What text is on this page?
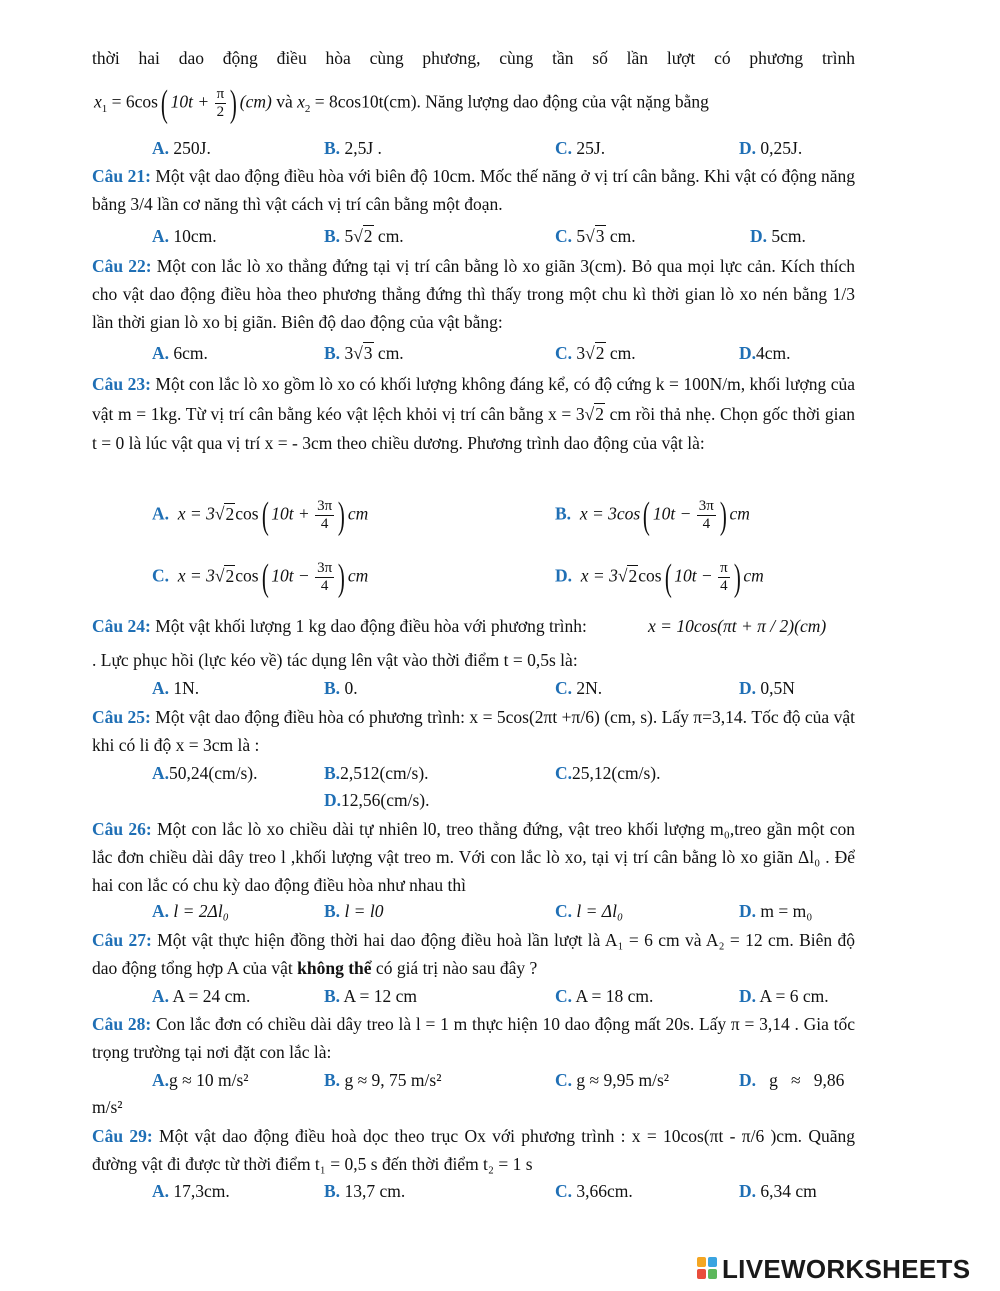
thời hai dao động điều hòa cùng phương, cùng tần số lần lượt có phương trình

$x_1 = 6\cos$( $10t + \frac{\pi}{2}$ ) (cm) và $x_2 = 8\cos 10t(cm)$. Năng lượng dao động của vật nặng bằng
A. 250J.	B. 2,5J .	C. 25J.	D. 0,25J.

Câu 21: Một vật dao động điều hòa với biên độ 10cm. Mốc thế năng ở vị trí cân bằng. Khi vật có động năng bằng 3/4 lần cơ năng thì vật cách vị trí cân bằng một đoạn.

A. 10cm.	B. 5√2 cm.	C. 5√3 cm.	D. 5cm.

Câu 22: Một con lắc lò xo thẳng đứng tại vị trí cân bằng lò xo giãn 3(cm). Bỏ qua mọi lực cản. Kích thích cho vật dao động điều hòa theo phương thẳng đứng thì thấy trong một chu kì thời gian lò xo nén bằng 1/3 lần thời gian lò xo bị giãn. Biên độ dao động của vật bằng:

A. 6cm.	B. 3√3 cm.	C. 3√2 cm.	D.4cm.

Câu 23: Một con lắc lò xo gồm lò xo có khối lượng không đáng kể, có độ cứng k = 100N/m, khối lượng của vật m = 1kg. Từ vị trí cân bằng kéo vật lệch khỏi vị trí cân bằng x = 3√2 cm rồi thả nhẹ. Chọn gốc thời gian t = 0 là lúc vật qua vị trí x = - 3cm theo chiều dương. Phương trình dao động của vật là:

A. x = 3√2cos( $10t + \frac{3\pi}{4}$ ) cm	B. x = 3cos( $10t - \frac{3\pi}{4}$ ) cm
C. x = 3√2cos( $10t - \frac{3\pi}{4}$ ) cm	D. x = 3√2cos( $10t - \frac{\pi}{4}$ ) cm
Câu 24: Một vật khối lượng 1 kg dao động điều hòa với phương trình:	x = 10cos(πt + π / 2)(cm)

. Lực phục hồi (lực kéo về) tác dụng lên vật vào thời điểm t = 0,5s là:

A. 1N.	B. 0.	C. 2N.	D. 0,5N

Câu 25: Một vật dao động điều hòa có phương trình: x = 5cos(2πt +π/6) (cm, s). Lấy π=3,14. Tốc độ của vật khi có li độ x = 3cm là :

A.50,24(cm/s).	B.2,512(cm/s).	C.25,12(cm/s).
D.12,56(cm/s).

Câu 26: Một con lắc lò xo chiều dài tự nhiên l0, treo thẳng đứng, vật treo khối lượng m₀,treo gần một con lắc đơn chiều dài dây treo l ,khối lượng vật treo m. Với con lắc lò xo, tại vị trí cân bằng lò xo giãn Δl₀ . Để hai con lắc có chu kỳ dao động điều hòa như nhau thì

A. l = 2Δl₀	B. l = l0	C. l = Δl₀	D. m = m₀

Câu 27: Một vật thực hiện đồng thời hai dao động điều hoà lần lượt là A₁ = 6 cm và A₂ = 12 cm. Biên độ dao động tổng hợp A của vật không thể có giá trị nào sau đây ?

A. A = 24 cm.	B. A = 12 cm	C. A = 18 cm.	D. A = 6 cm.

Câu 28: Con lắc đơn có chiều dài dây treo là l = 1 m thực hiện 10 dao động mất 20s. Lấy π = 3,14 . Gia tốc trọng trường tại nơi đặt con lắc là:

A.g ≈ 10 m/s²	B. g ≈ 9, 75 m/s²	C. g ≈ 9,95 m/s²	D. g   ≈   9,86
m/s²

Câu 29: Một vật dao động điều hoà dọc theo trục Ox với phương trình : x = 10cos(πt - π/6 )cm. Quãng đường vật đi được từ thời điểm t₁ = 0,5 s đến thời điểm t₂ = 1 s

A. 17,3cm.	B. 13,7 cm.	C. 3,66cm.	D. 6,34 cm
LIVEWORKSHEETS
